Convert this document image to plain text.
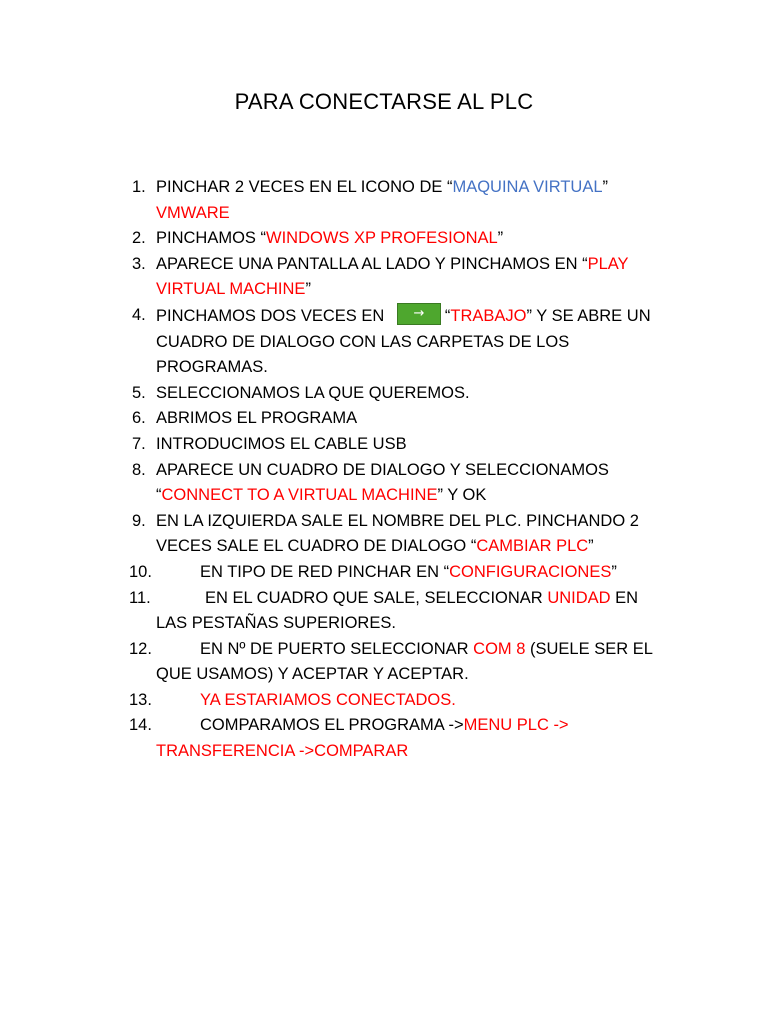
PARA CONECTARSE AL PLC
1. PINCHAR 2 VECES EN EL ICONO DE “MAQUINA VIRTUAL” VMWARE
2. PINCHAMOS “WINDOWS XP PROFESIONAL”
3. APARECE UNA PANTALLA AL LADO Y PINCHAMOS EN “PLAY VIRTUAL MACHINE”
4. PINCHAMOS DOS VECES EN	→	“TRABAJO” Y SE ABRE UN CUADRO DE DIALOGO CON LAS CARPETAS DE LOS PROGRAMAS.
5. SELECCIONAMOS LA QUE QUEREMOS.
6. ABRIMOS EL PROGRAMA
7. INTRODUCIMOS EL CABLE USB
8. APARECE UN CUADRO DE DIALOGO Y SELECCIONAMOS “CONNECT TO A VIRTUAL MACHINE” Y OK
9. EN LA IZQUIERDA SALE EL NOMBRE DEL PLC. PINCHANDO 2 VECES SALE EL CUADRO DE DIALOGO “CAMBIAR PLC”
10.	EN TIPO DE RED PINCHAR EN “CONFIGURACIONES”
11.	EN EL CUADRO QUE SALE, SELECCIONAR UNIDAD EN LAS PESTAÑAS SUPERIORES.
12.	EN Nº DE PUERTO SELECCIONAR COM 8 (SUELE SER EL QUE USAMOS) Y ACEPTAR Y ACEPTAR.
13.	YA ESTARIAMOS CONECTADOS.
14.	COMPARAMOS EL PROGRAMA ->MENU PLC -> TRANSFERENCIA ->COMPARAR
